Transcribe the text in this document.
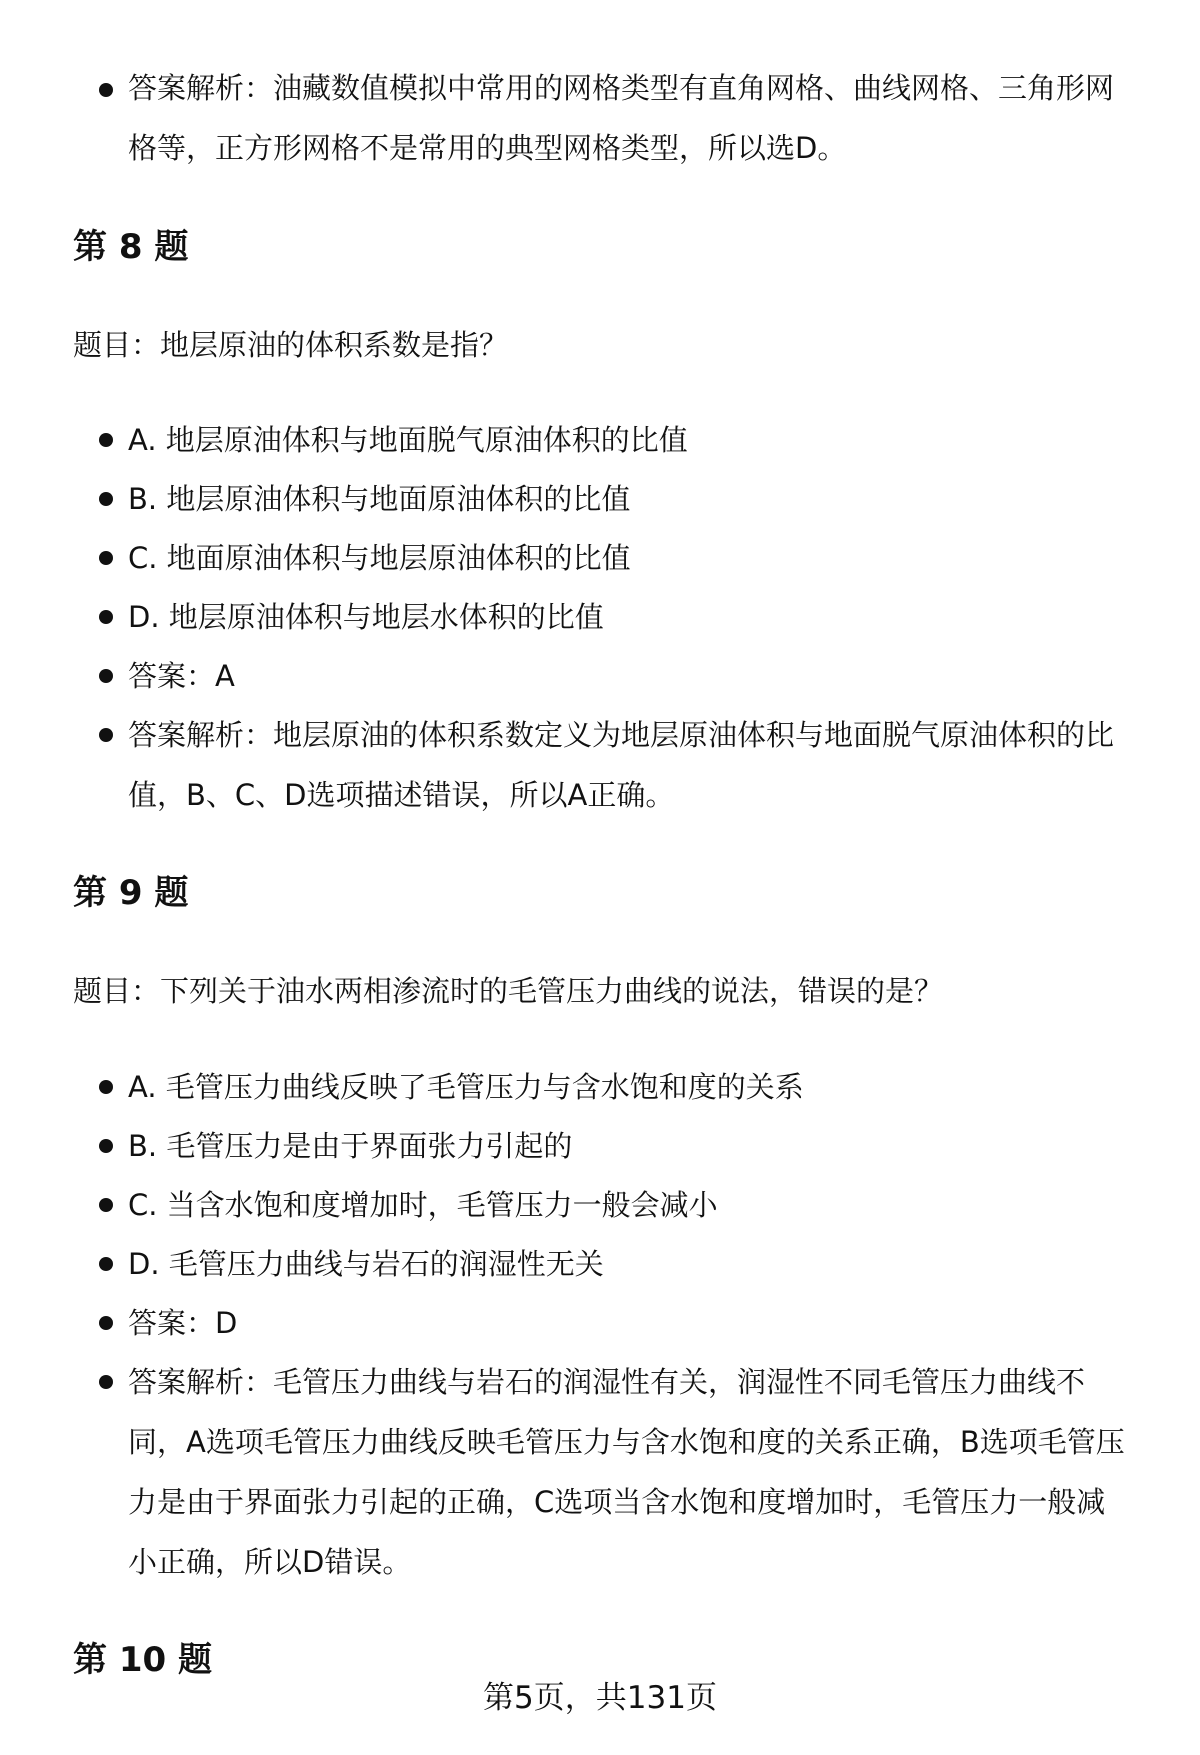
答案解析：油藏数值模拟中常用的网格类型有直角网格、曲线网格、三角形网
格等，正方形网格不是常用的典型网格类型，所以选D。
第 8 题
题目：地层原油的体积系数是指？
A. 地层原油体积与地面脱气原油体积的比值
B. 地层原油体积与地面原油体积的比值
C. 地面原油体积与地层原油体积的比值
D. 地层原油体积与地层水体积的比值
答案：A
答案解析：地层原油的体积系数定义为地层原油体积与地面脱气原油体积的比
值，B、C、D选项描述错误，所以A正确。
第 9 题
题目：下列关于油水两相渗流时的毛管压力曲线的说法，错误的是？
A. 毛管压力曲线反映了毛管压力与含水饱和度的关系
B. 毛管压力是由于界面张力引起的
C. 当含水饱和度增加时，毛管压力一般会减小
D. 毛管压力曲线与岩石的润湿性无关
答案：D
答案解析：毛管压力曲线与岩石的润湿性有关，润湿性不同毛管压力曲线不
同，A选项毛管压力曲线反映毛管压力与含水饱和度的关系正确，B选项毛管压
力是由于界面张力引起的正确，C选项当含水饱和度增加时，毛管压力一般减
小正确，所以D错误。
第 10 题
第5页，共131页
